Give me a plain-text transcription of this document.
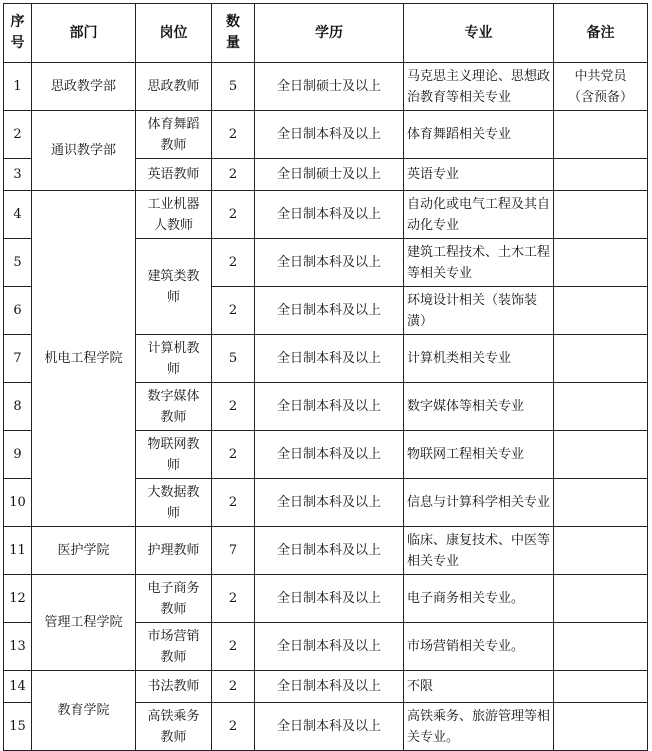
序号	部门	岗位	数量	学历	专业	备注
1	思政教学部	思政教师	5	全日制硕士及以上	马克思主义理论、思想政治教育等相关专业	中共党员（含预备）
2	通识教学部	体育舞蹈教师	2	全日制本科及以上	体育舞蹈相关专业	
3		英语教师	2	全日制硕士及以上	英语专业	
4	机电工程学院	工业机器人教师	2	全日制本科及以上	自动化或电气工程及其自动化专业	
5		建筑类教师	2	全日制本科及以上	建筑工程技术、土木工程等相关专业	
6			2	全日制本科及以上	环境设计相关（装饰装潢）	
7		计算机教师	5	全日制本科及以上	计算机类相关专业	
8		数字媒体教师	2	全日制本科及以上	数字媒体等相关专业	
9		物联网教师	2	全日制本科及以上	物联网工程相关专业	
10		大数据教师	2	全日制本科及以上	信息与计算科学相关专业	
11	医护学院	护理教师	7	全日制本科及以上	临床、康复技术、中医等相关专业	
12	管理工程学院	电子商务教师	2	全日制本科及以上	电子商务相关专业。	
13		市场营销教师	2	全日制本科及以上	市场营销相关专业。	
14	教育学院	书法教师	2	全日制本科及以上	不限	
15		高铁乘务教师	2	全日制本科及以上	高铁乘务、旅游管理等相关专业。	
